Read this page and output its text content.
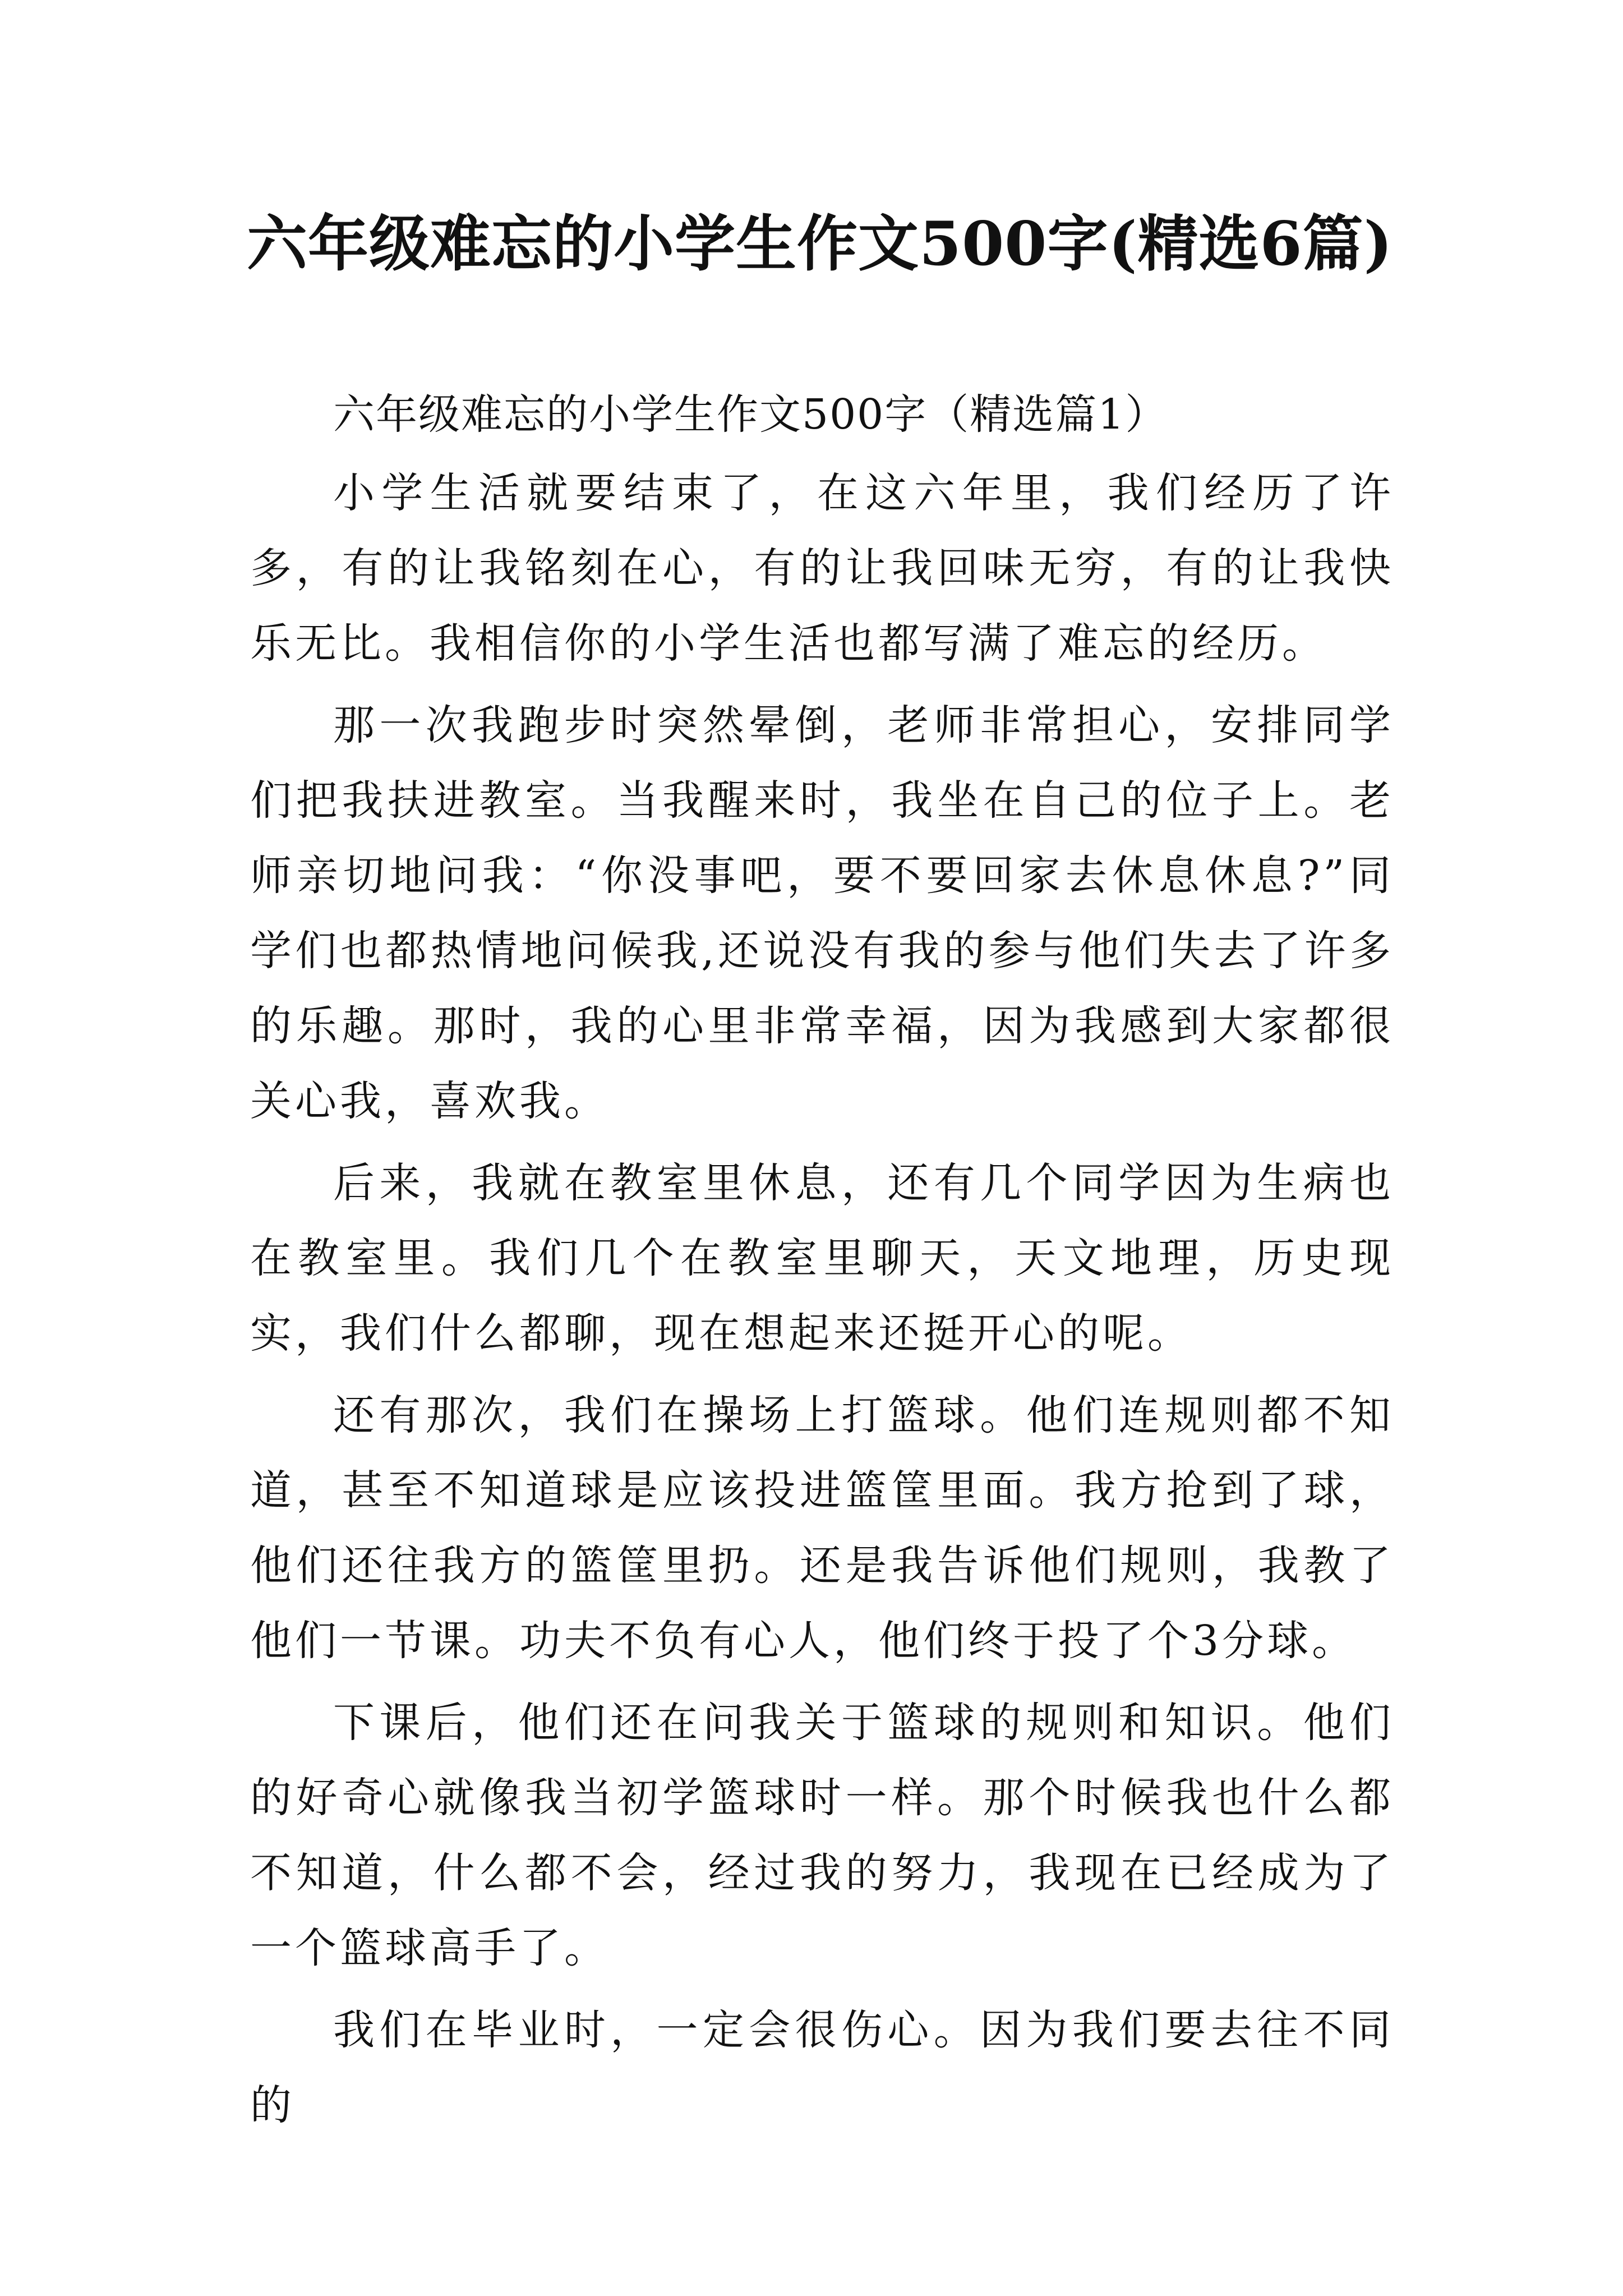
六年级难忘的小学生作文500字(精选6篇)

六年级难忘的小学生作文500字（精选篇1）

小学生活就要结束了，在这六年里，我们经历了许多，有的让我铭刻在心，有的让我回味无穷，有的让我快乐无比。我相信你的小学生活也都写满了难忘的经历。

那一次我跑步时突然晕倒，老师非常担心，安排同学们把我扶进教室。当我醒来时，我坐在自己的位子上。老师亲切地问我：“你没事吧，要不要回家去休息休息?”同学们也都热情地问候我,还说没有我的参与他们失去了许多的乐趣。那时，我的心里非常幸福，因为我感到大家都很关心我，喜欢我。

后来，我就在教室里休息，还有几个同学因为生病也在教室里。我们几个在教室里聊天，天文地理，历史现实，我们什么都聊，现在想起来还挺开心的呢。

还有那次，我们在操场上打篮球。他们连规则都不知道，甚至不知道球是应该投进篮筐里面。我方抢到了球，他们还往我方的篮筐里扔。还是我告诉他们规则，我教了他们一节课。功夫不负有心人，他们终于投了个3分球。

下课后，他们还在问我关于篮球的规则和知识。他们的好奇心就像我当初学篮球时一样。那个时候我也什么都不知道，什么都不会，经过我的努力，我现在已经成为了一个篮球高手了。

我们在毕业时，一定会很伤心。因为我们要去往不同的
